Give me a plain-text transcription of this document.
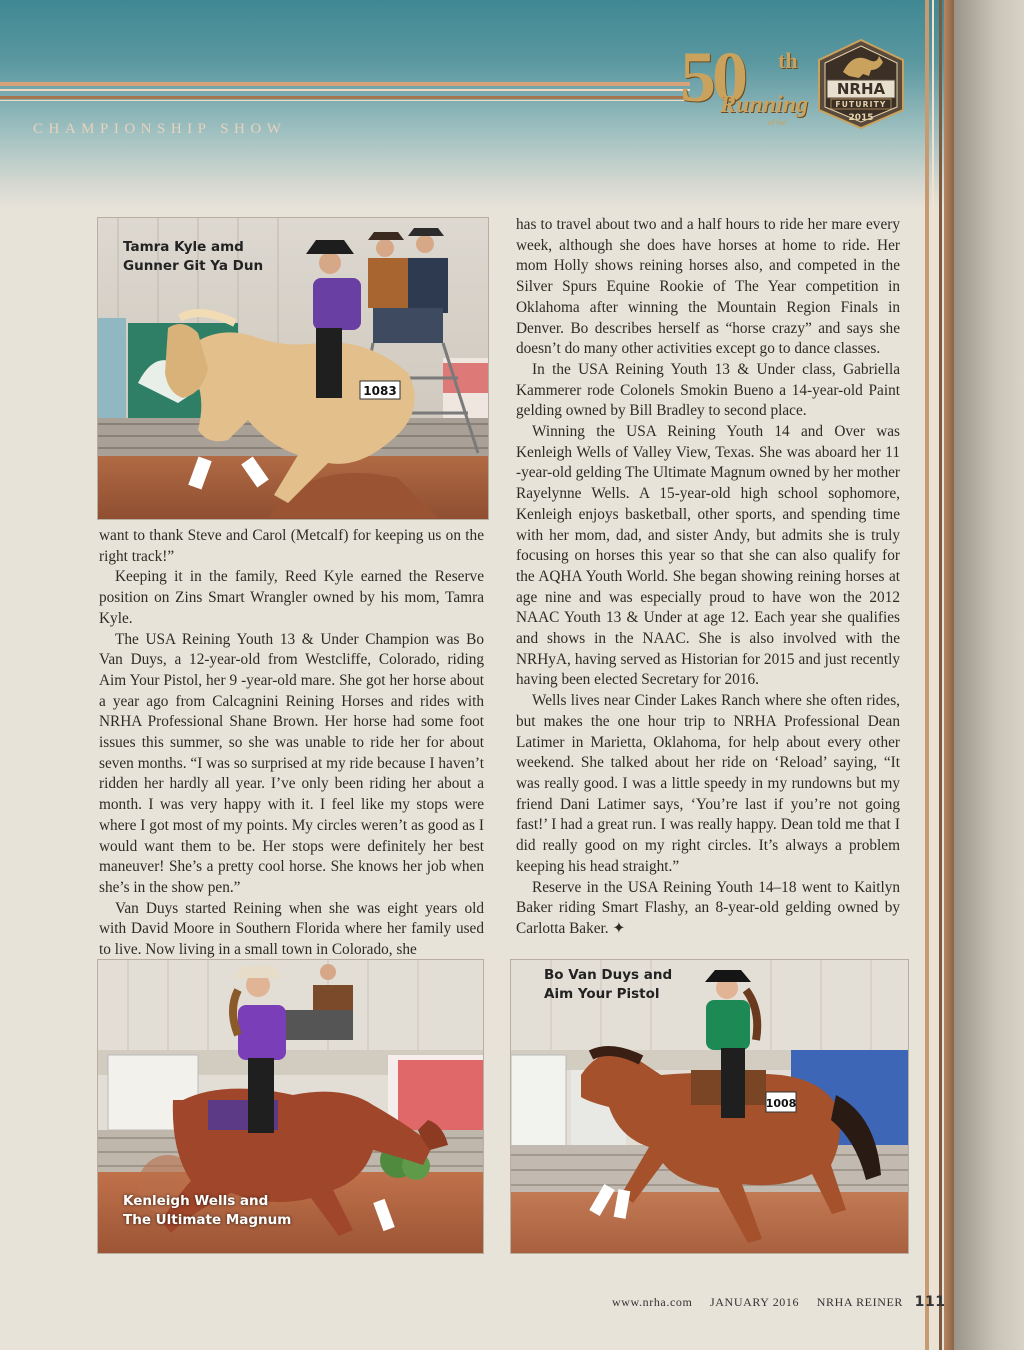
CHAMPIONSHIP SHOW
50 th
Running
of the
NRHA
FUTURITY
2015
1083
Tamra Kyle amd
Gunner Git Ya Dun

want to thank Steve and Carol (Metcalf) for keeping us on the right track!”

Keeping it in the family, Reed Kyle earned the Reserve position on Zins Smart Wrangler owned by his mom, Tamra Kyle.

The USA Reining Youth 13 & Under Champion was Bo Van Duys, a 12-year-old from Westcliffe, Colorado, riding Aim Your Pistol, her 9 -year-old mare. She got her horse about a year ago from Calcagnini Reining Horses and rides with NRHA Professional Shane Brown. Her horse had some foot issues this summer, so she was unable to ride her for about seven months. “I was so surprised at my ride because I haven’t ridden her hardly all year. I’ve only been riding her about a month. I was very happy with it. I feel like my stops were where I got most of my points. My circles weren’t as good as I would want them to be. Her stops were definitely her best maneuver! She’s a pretty cool horse. She knows her job when she’s in the show pen.”

Van Duys started Reining when she was eight years old with David Moore in Southern Florida where her family used to live. Now living in a small town in Colorado, she

has to travel about two and a half hours to ride her mare every week, although she does have horses at home to ride. Her mom Holly shows reining horses also, and competed in the Silver Spurs Equine Rookie of The Year competition in Oklahoma after winning the Mountain Region Finals in Denver. Bo describes herself as “horse crazy” and says she doesn’t do many other activities except go to dance classes.

In the USA Reining Youth 13 & Under class, Gabriella Kammerer rode Colonels Smokin Bueno a 14-year-old Paint gelding owned by Bill Bradley to second place.

Winning the USA Reining Youth 14 and Over was Kenleigh Wells of Valley View, Texas. She was aboard her 11 -year-old gelding The Ultimate Magnum owned by her mother Rayelynne Wells. A 15-year-old high school sophomore, Kenleigh enjoys basketball, other sports, and spending time with her mom, dad, and sister Andy, but admits she is truly focusing on horses this year so that she can also qualify for the AQHA Youth World. She began showing reining horses at age nine and was especially proud to have won the 2012 NAAC Youth 13 & Under at age 12. Each year she qualifies and shows in the NAAC. She is also involved with the NRHyA, having served as Historian for 2015 and just recently having been elected Secretary for 2016.

Wells lives near Cinder Lakes Ranch where she often rides, but makes the one hour trip to NRHA Professional Dean Latimer in Marietta, Oklahoma, for help about every other weekend. She talked about her ride on ‘Reload’ saying, “It was really good. I was a little speedy in my rundowns but my friend Dani Latimer says, ‘You’re last if you’re not going fast!’ I had a great run. I was really happy. Dean told me that I did really good on my right circles. It’s always a problem keeping his head straight.”

Reserve in the USA Reining Youth 14–18 went to Kaitlyn Baker riding Smart Flashy, an 8-year-old gelding owned by Carlotta Baker. ✦

Kenleigh Wells and
The Ultimate Magnum
1008
Bo Van Duys and
Aim Your Pistol
www.nrha.com JANUARY 2016 NRHA REINER 111
